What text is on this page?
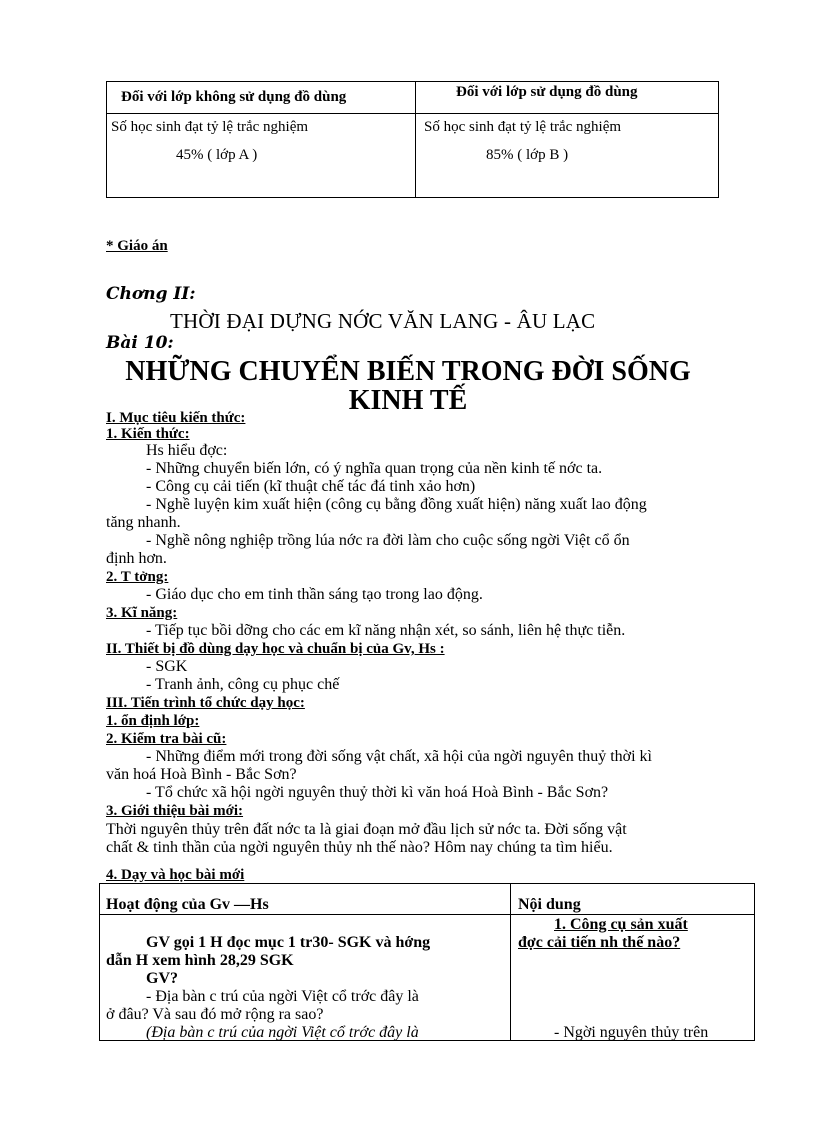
Đối với lớp không sử dụng đồ dùng	Đối với lớp sử dụng đồ dùng
Số học sinh đạt tỷ lệ trắc nghiệm
45% ( lớp A )
Số học sinh đạt tỷ lệ trắc nghiệm
85% ( lớp B )
* Giáo án
Chơng II:
THỜI ĐẠI DỰNG NỚC VĂN LANG - ÂU LẠC
Bài 10:
NHỮNG CHUYỂN BIẾN TRONG ĐỜI SỐNG
KINH TẾ
I. Mục tiêu kiến thức:
1. Kiến thức:
Hs hiểu đợc:
- Những chuyển biến lớn, có ý nghĩa quan trọng của nền kinh tế nớc ta.
- Công cụ cải tiến (kĩ thuật chế tác đá tinh xảo hơn)
- Nghề luyện kim xuất hiện (công cụ bằng đồng xuất hiện) năng xuất lao động
tăng nhanh.
- Nghề nông nghiệp trồng lúa nớc ra đời làm cho cuộc sống ngời Việt cổ ổn
định hơn.
2. T tởng:
- Giáo dục cho em tinh thần sáng tạo trong lao động.
3. Kĩ năng:
- Tiếp tục bồi dỡng cho các em kĩ năng nhận xét, so sánh, liên hệ thực tiễn.
II. Thiết bị đồ dùng dạy học và chuẩn bị của Gv, Hs :
- SGK
- Tranh ảnh, công cụ phục chế
III. Tiến trình tổ chức dạy học:
1. ổn định lớp:
2. Kiểm tra bài cũ:
- Những điểm mới trong đời sống vật chất, xã hội của ngời nguyên thuỷ thời kì
văn hoá Hoà Bình - Bắc Sơn?
- Tổ chức xã hội ngời nguyên thuỷ thời kì văn hoá Hoà Bình - Bắc Sơn?
3. Giới thiệu bài mới:
Thời nguyên thủy trên đất nớc ta là giai đoạn mở đầu lịch sử nớc ta. Đời sống vật
chất & tinh thần của ngời nguyên thủy nh thế nào? Hôm nay chúng ta tìm hiểu.
4. Dạy và học bài mới
Hoạt động của Gv —Hs	Nội dung
GV gọi 1 H đọc mục 1 tr30- SGK và hớng
dẫn H xem hình 28,29 SGK
GV?
- Địa bàn c trú của ngời Việt cổ trớc đây là
ở đâu? Và sau đó mở rộng ra sao?
(Địa bàn c trú của ngời Việt cổ trớc đây là
1. Công cụ sản xuất
đợc cải tiến nh thế nào?
- Ngời nguyên thủy trên
